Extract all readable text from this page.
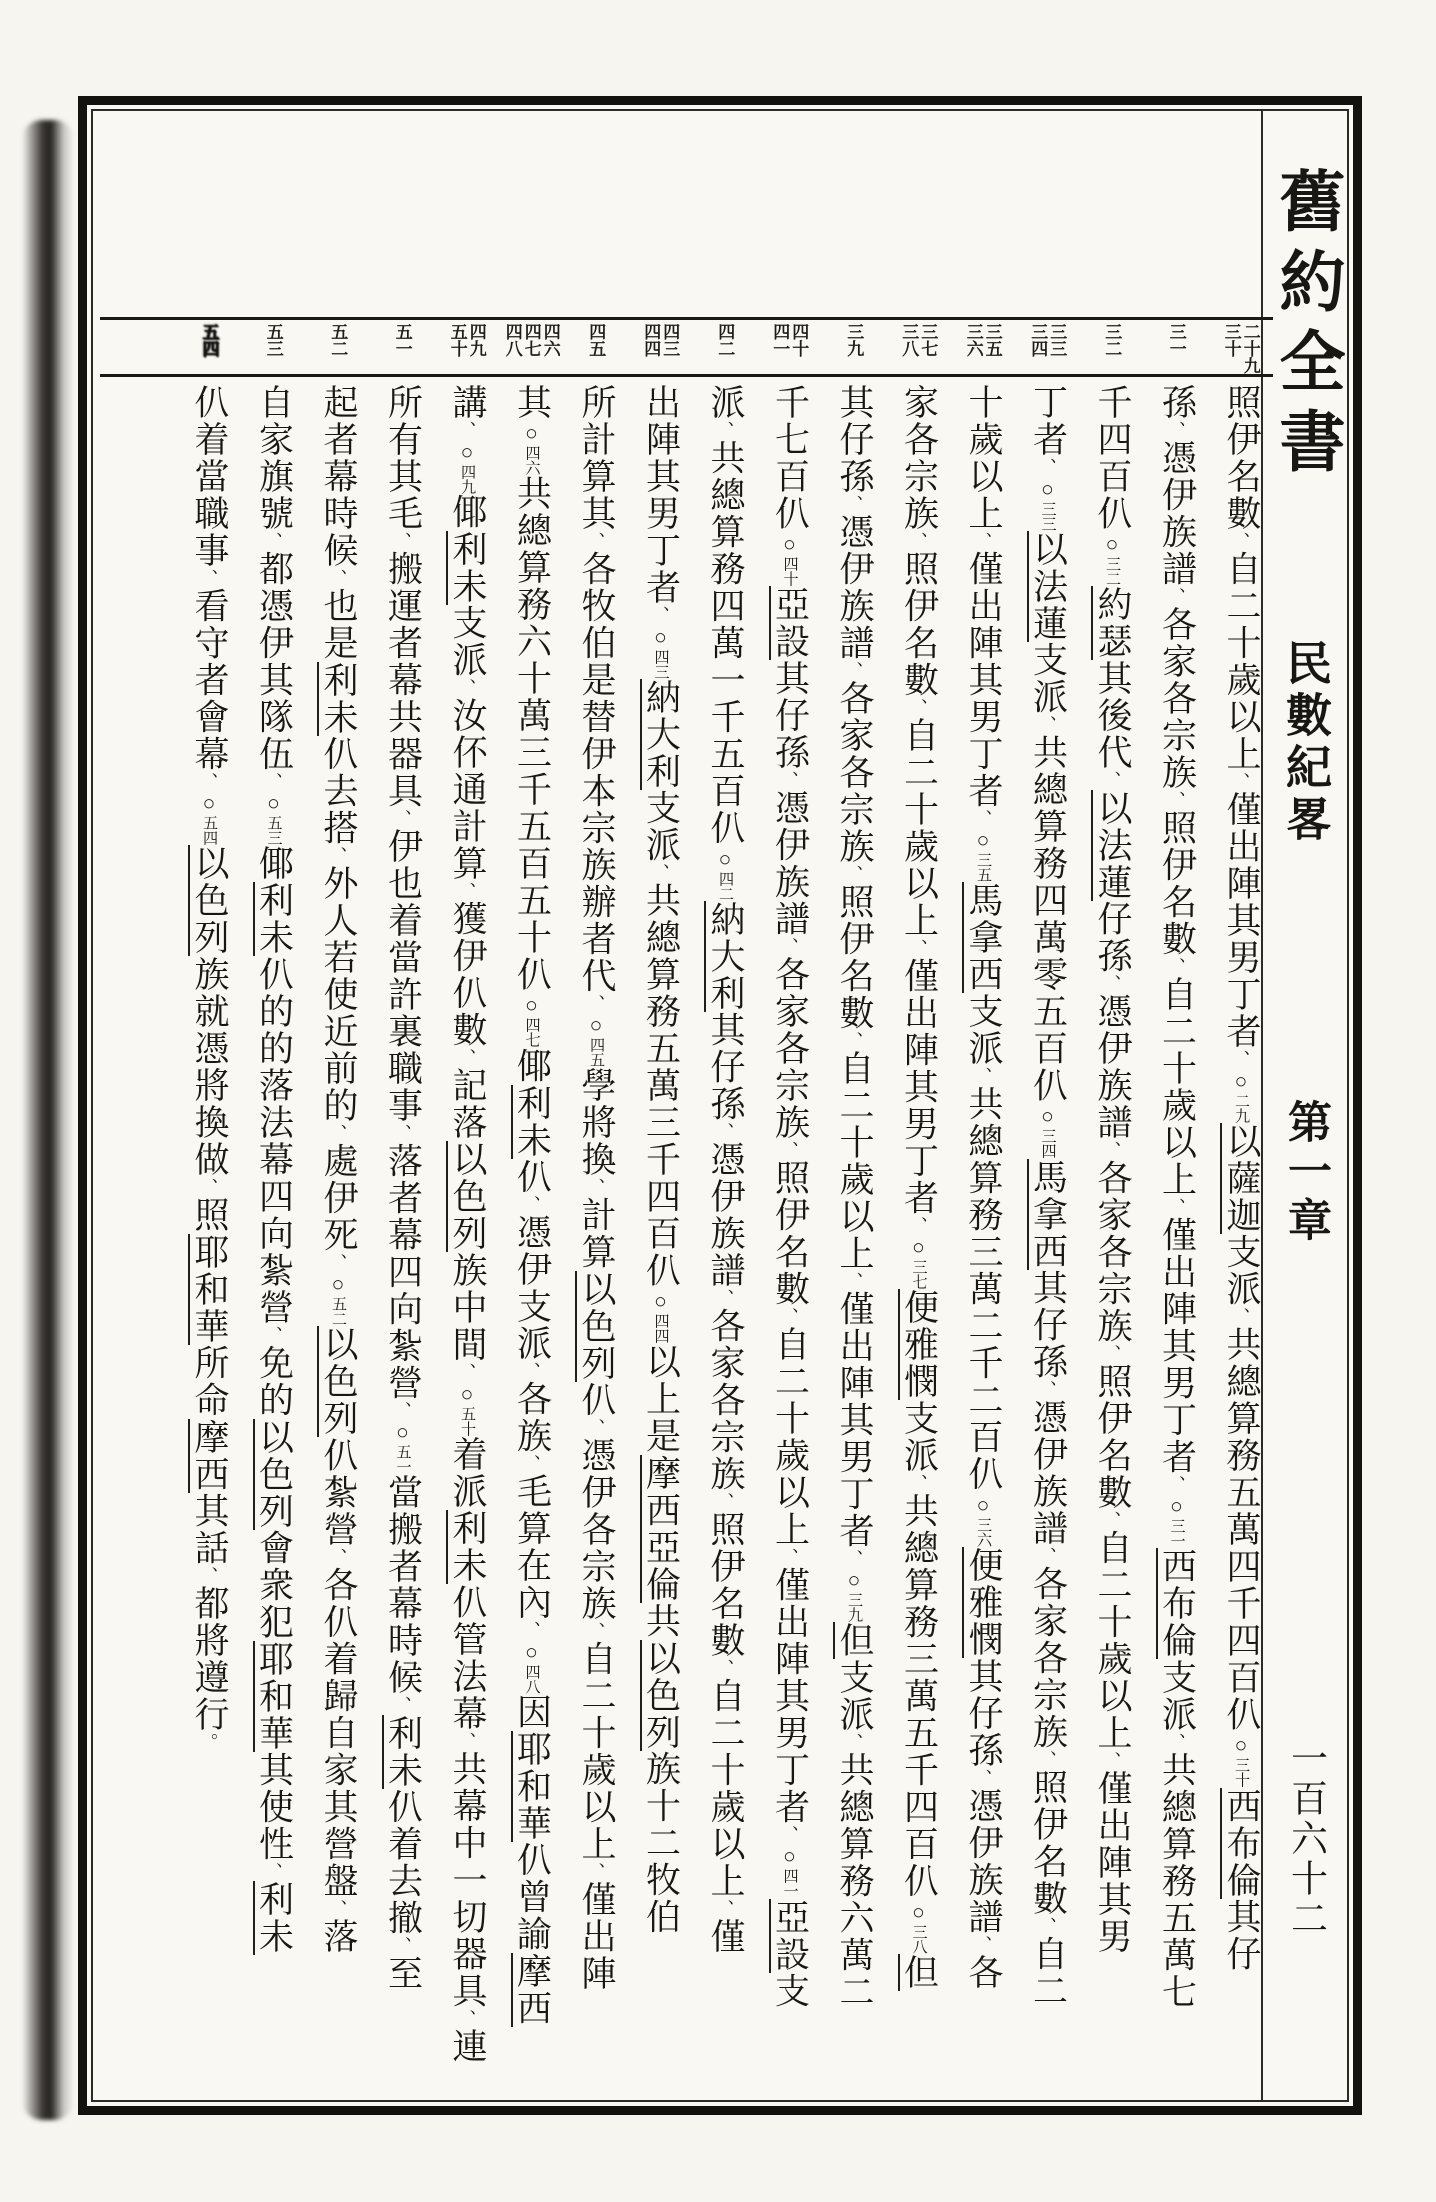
舊約全書
民數紀畧
第一章
一百六十二
二十九
三十
三一
三二
三三
三四
三五
三六
三七
三八
三九
四十
四一
四二
四三
四四
四五
四六
四七
四八
四九
五十
五一
五二
五三
五四
照伊名數、自二十歲以上、僅出陣其男丁者、○二九以薩迦支派、共總算務五萬四千四百仈○三十西布倫其仔
孫、憑伊族譜、各家各宗族、照伊名數、自二十歲以上、僅出陣其男丁者、○三一西布倫支派、共總算務五萬七
千四百仈○三二約瑟其後代、以法蓮仔孫、憑伊族譜、各家各宗族、照伊名數、自二十歲以上、僅出陣其男
丁者、○三三以法蓮支派、共總算務四萬零五百仈○三四馬拿西其仔孫、憑伊族譜、各家各宗族、照伊名數、自二
十歲以上、僅出陣其男丁者、○三五馬拿西支派、共總算務三萬二千二百仈○三六便雅憫其仔孫、憑伊族譜、各
家各宗族、照伊名數、自二十歲以上、僅出陣其男丁者、○三七便雅憫支派、共總算務三萬五千四百仈○三八但
其仔孫、憑伊族譜、各家各宗族、照伊名數、自二十歲以上、僅出陣其男丁者、○三九但支派、共總算務六萬二
千七百仈○四十亞設其仔孫、憑伊族譜、各家各宗族、照伊名數、自二十歲以上、僅出陣其男丁者、○四一亞設支
派、共總算務四萬一千五百仈○四二納大利其仔孫、憑伊族譜、各家各宗族、照伊名數、自二十歲以上、僅
出陣其男丁者、○四三納大利支派、共總算務五萬三千四百仈○四四以上是摩西亞倫共以色列族十二牧伯
所計算其、各牧伯是替伊本宗族辦者代、○四五學將換、計算以色列仈、憑伊各宗族、自二十歲以上、僅出陣
其○四六共總算務六十萬三千五百五十仈○四七倻利未仈、憑伊支派、各族、毛算在內、○四八因耶和華仈曾諭摩西
講、○四九倻利未支派、汝伓通計算、獲伊仈數、記落以色列族中間、○五十着派利未仈管法幕、共幕中一切器具、連
所有其毛、搬運者幕共器具、伊也着當許裏職事、落者幕四向紮營、○五一當搬者幕時候、利未仈着去撤、至
起者幕時候、也是利未仈去搭、外人若使近前的、處伊死、○五二以色列仈紮營、各仈着歸自家其營盤、落
自家旗號、都憑伊其隊伍、○五三倻利未仈的的落法幕四向紮營、免的以色列會衆犯耶和華其使性、利未
仈着當職事、看守者會幕、○五四以色列族就憑將換做、照耶和華所命摩西其話、都將遵行。
